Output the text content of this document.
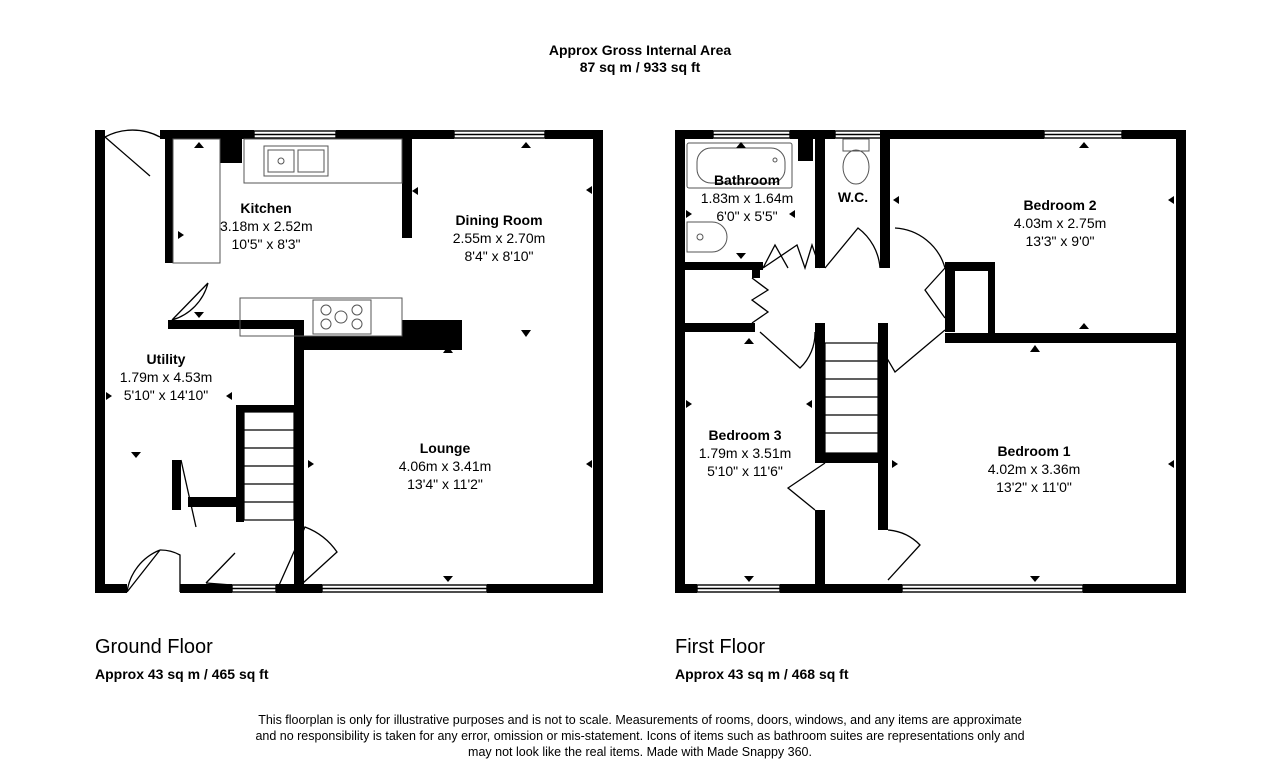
Approx Gross Internal Area
87 sq m / 933 sq ft
Kitchen
3.18m x 2.52m
10'5" x 8'3"
Dining Room
2.55m x 2.70m
8'4" x 8'10"
Utility
1.79m x 4.53m
5'10" x 14'10"
Lounge
4.06m x 3.41m
13'4" x 11'2"
Bathroom
1.83m x 1.64m
6'0" x 5'5"
W.C.	Bedroom 2
4.03m x 2.75m
13'3" x 9'0"
Bedroom 3
1.79m x 3.51m
5'10" x 11'6"
Bedroom 1
4.02m x 3.36m
13'2" x 11'0"
Ground Floor
Approx 43 sq m / 465 sq ft
First Floor
Approx 43 sq m / 468 sq ft
This floorplan is only for illustrative purposes and is not to scale. Measurements of rooms, doors, windows, and any items are approximate
and no responsibility is taken for any error, omission or mis-statement. Icons of items such as bathroom suites are representations only and
may not look like the real items. Made with Made Snappy 360.
